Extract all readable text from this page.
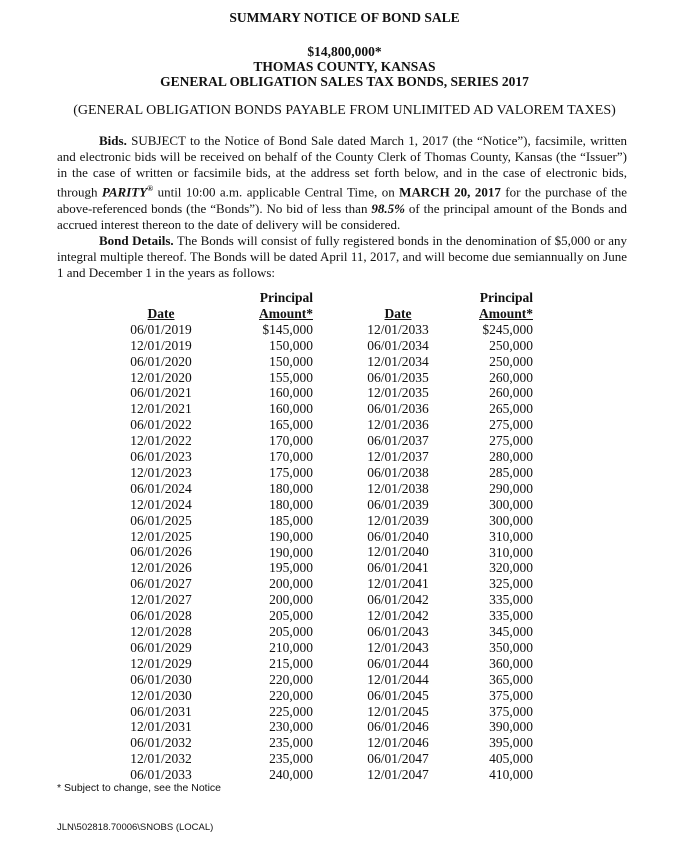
SUMMARY NOTICE OF BOND SALE
$14,800,000*
THOMAS COUNTY, KANSAS
GENERAL OBLIGATION SALES TAX BONDS, SERIES 2017
(GENERAL OBLIGATION BONDS PAYABLE FROM UNLIMITED AD VALOREM TAXES)

Bids. SUBJECT to the Notice of Bond Sale dated March 1, 2017 (the “Notice”), facsimile, written and electronic bids will be received on behalf of the County Clerk of Thomas County, Kansas (the “Issuer”) in the case of written or facsimile bids, at the address set forth below, and in the case of electronic bids, through PARITY® until 10:00 a.m. applicable Central Time, on MARCH 20, 2017 for the purchase of the above-referenced bonds (the “Bonds”). No bid of less than 98.5% of the principal amount of the Bonds and accrued interest thereon to the date of delivery will be considered.

Bond Details. The Bonds will consist of fully registered bonds in the denomination of $5,000 or any integral multiple thereof. The Bonds will be dated April 11, 2017, and will become due semiannually on June 1 and December 1 in the years as follows:

Date
06/01/2019
12/01/2019
06/01/2020
12/01/2020
06/01/2021
12/01/2021
06/01/2022
12/01/2022
06/01/2023
12/01/2023
06/01/2024
12/01/2024
06/01/2025
12/01/2025
06/01/2026
12/01/2026
06/01/2027
12/01/2027
06/01/2028
12/01/2028
06/01/2029
12/01/2029
06/01/2030
12/01/2030
06/01/2031
12/01/2031
06/01/2032
12/01/2032
06/01/2033
Principal
Amount*
$145,000
150,000
150,000
155,000
160,000
160,000
165,000
170,000
170,000
175,000
180,000
180,000
185,000
190,000
190,000
195,000
200,000
200,000
205,000
205,000
210,000
215,000
220,000
220,000
225,000
230,000
235,000
235,000
240,000
Date
12/01/2033
06/01/2034
12/01/2034
06/01/2035
12/01/2035
06/01/2036
12/01/2036
06/01/2037
12/01/2037
06/01/2038
12/01/2038
06/01/2039
12/01/2039
06/01/2040
12/01/2040
06/01/2041
12/01/2041
06/01/2042
12/01/2042
06/01/2043
12/01/2043
06/01/2044
12/01/2044
06/01/2045
12/01/2045
06/01/2046
12/01/2046
06/01/2047
12/01/2047
Principal
Amount*
$245,000
250,000
250,000
260,000
260,000
265,000
275,000
275,000
280,000
285,000
290,000
300,000
300,000
310,000
310,000
320,000
325,000
335,000
335,000
345,000
350,000
360,000
365,000
375,000
375,000
390,000
395,000
405,000
410,000
* Subject to change, see the Notice
JLN\502818.70006\SNOBS (LOCAL)
